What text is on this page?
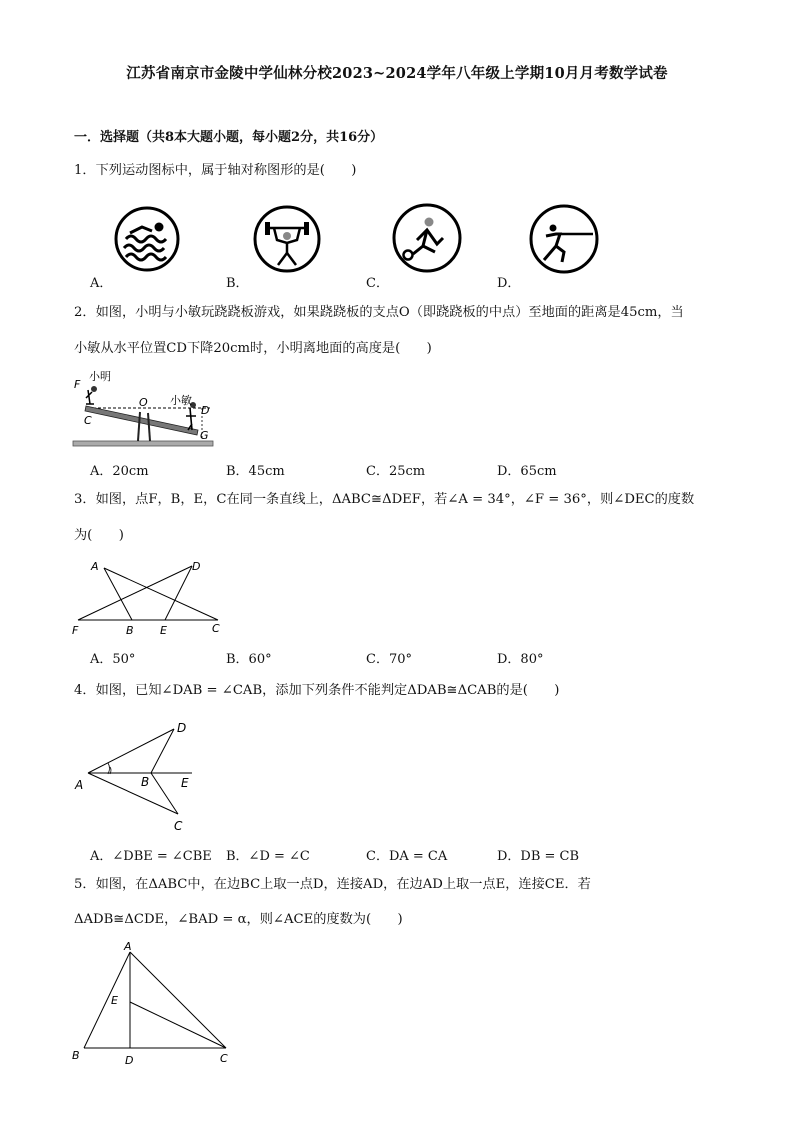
江苏省南京市金陵中学仙林分校2023~2024学年八年级上学期10月月考数学试卷
一．选择题（共8本大题小题，每小题2分，共16分）
1．下列运动图标中，属于轴对称图形的是(　　)
A．	B．	C．	D．
2．如图，小明与小敏玩跷跷板游戏，如果跷跷板的支点O（即跷跷板的中点）至地面的距离是45cm，当
小敏从水平位置CD下降20cm时，小明离地面的高度是(　　)
小明
F
C
O 小敏
D
G
A．20cm	B．45cm	C．25cm	D．65cm
3．如图，点F，B，E，C在同一条直线上，ΔABC≅ΔDEF，若∠A = 34°，∠F = 36°，则∠DEC的度数
为(　　)
A	D
F	B E	C
A．50°	B．60°	C．70°	D．80°
4．如图，已知∠DAB = ∠CAB，添加下列条件不能判定ΔDAB≅ΔCAB的是(　　)
A	B
C
D
E
A．∠DBE = ∠CBE B．∠D = ∠C	C．DA = CA	D．DB = CB
5．如图，在ΔABC中，在边BC上取一点D，连接AD，在边AD上取一点E，连接CE．若
ΔADB≅ΔCDE，∠BAD = α，则∠ACE的度数为(　　)
A
B	D	C
E
